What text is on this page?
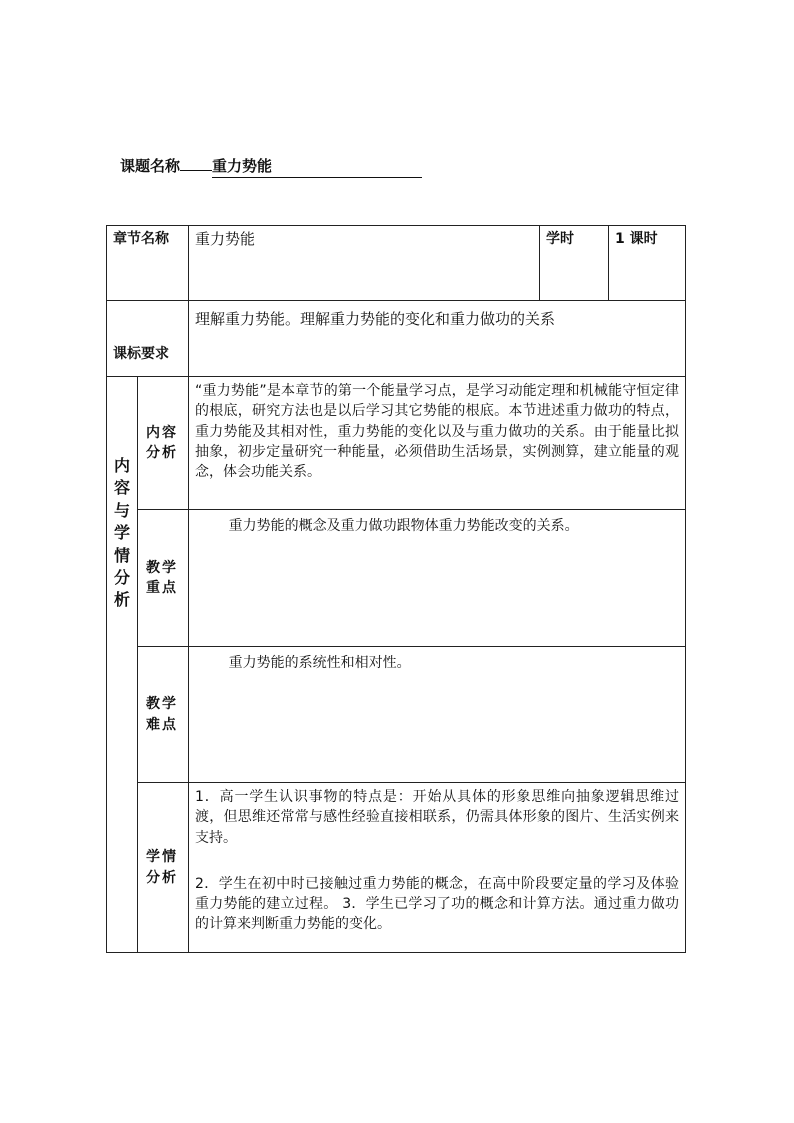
课题名称 重力势能
章节名称		重力势能	学时	1 课时
课标要求		理解重力势能。理解重力势能的变化和重力做功的关系		

内容与学情分析	内容分析	“重力势能”是本章节的第一个能量学习点，是学习动能定理和机械能守恒定律的根底，研究方法也是以后学习其它势能的根底。本节进述重力做功的特点，重力势能及其相对性，重力势能的变化以及与重力做功的关系。由于能量比拟抽象，初步定量研究一种能量，必须借助生活场景，实例测算，建立能量的观念，体会功能关系。		
	教学重点	重力势能的概念及重力做功跟物体重力势能改变的关系。		
	教学难点	重力势能的系统性和相对性。		
	学情分析	1．高一学生认识事物的特点是：开始从具体的形象思维向抽象逻辑思维过渡，但思维还常常与感性经验直接相联系，仍需具体形象的图片、生活实例来支持。
2．学生在初中时已接触过重力势能的概念，在高中阶段要定量的学习及体验重力势能的建立过程。 3．学生已学习了功的概念和计算方法。通过重力做功的计算来判断重力势能的变化。		
